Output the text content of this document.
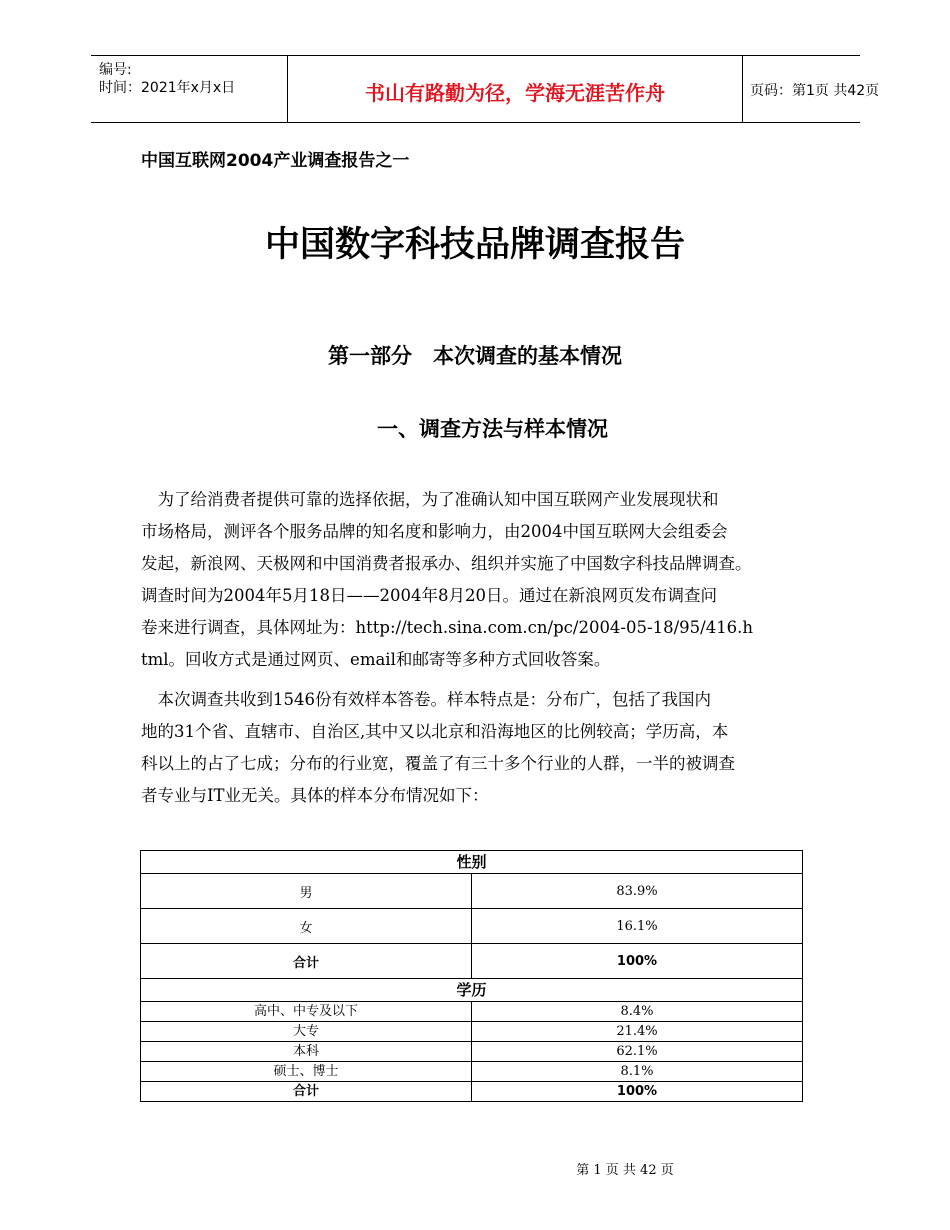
编号:
时间：2021年x月x日	书山有路勤为径，学海无涯苦作舟	页码：第1页 共42页
中国互联网2004产业调查报告之一
中国数字科技品牌调查报告
第一部分　本次调查的基本情况
一、调查方法与样本情况
　为了给消费者提供可靠的选择依据，为了准确认知中国互联网产业发展现状和
市场格局，测评各个服务品牌的知名度和影响力，由2004中国互联网大会组委会
发起，新浪网、天极网和中国消费者报承办、组织并实施了中国数字科技品牌调查。
调查时间为2004年5月18日——2004年8月20日。通过在新浪网页发布调查问
卷来进行调查，具体网址为：http://tech.sina.com.cn/pc/2004-05-18/95/416.h
tml。回收方式是通过网页、email和邮寄等多种方式回收答案。
　本次调查共收到1546份有效样本答卷。样本特点是：分布广，包括了我国内
地的31个省、直辖市、自治区,其中又以北京和沿海地区的比例较高；学历高，本
科以上的占了七成；分布的行业宽，覆盖了有三十多个行业的人群，一半的被调查
者专业与IT业无关。具体的样本分布情况如下：
性别	
男	83.9%
女	16.1%
合计	100%
学历	
高中、中专及以下	8.4%
大专	21.4%
本科	62.1%
硕士、博士	8.1%
合计	100%
第 1 页 共 42 页
